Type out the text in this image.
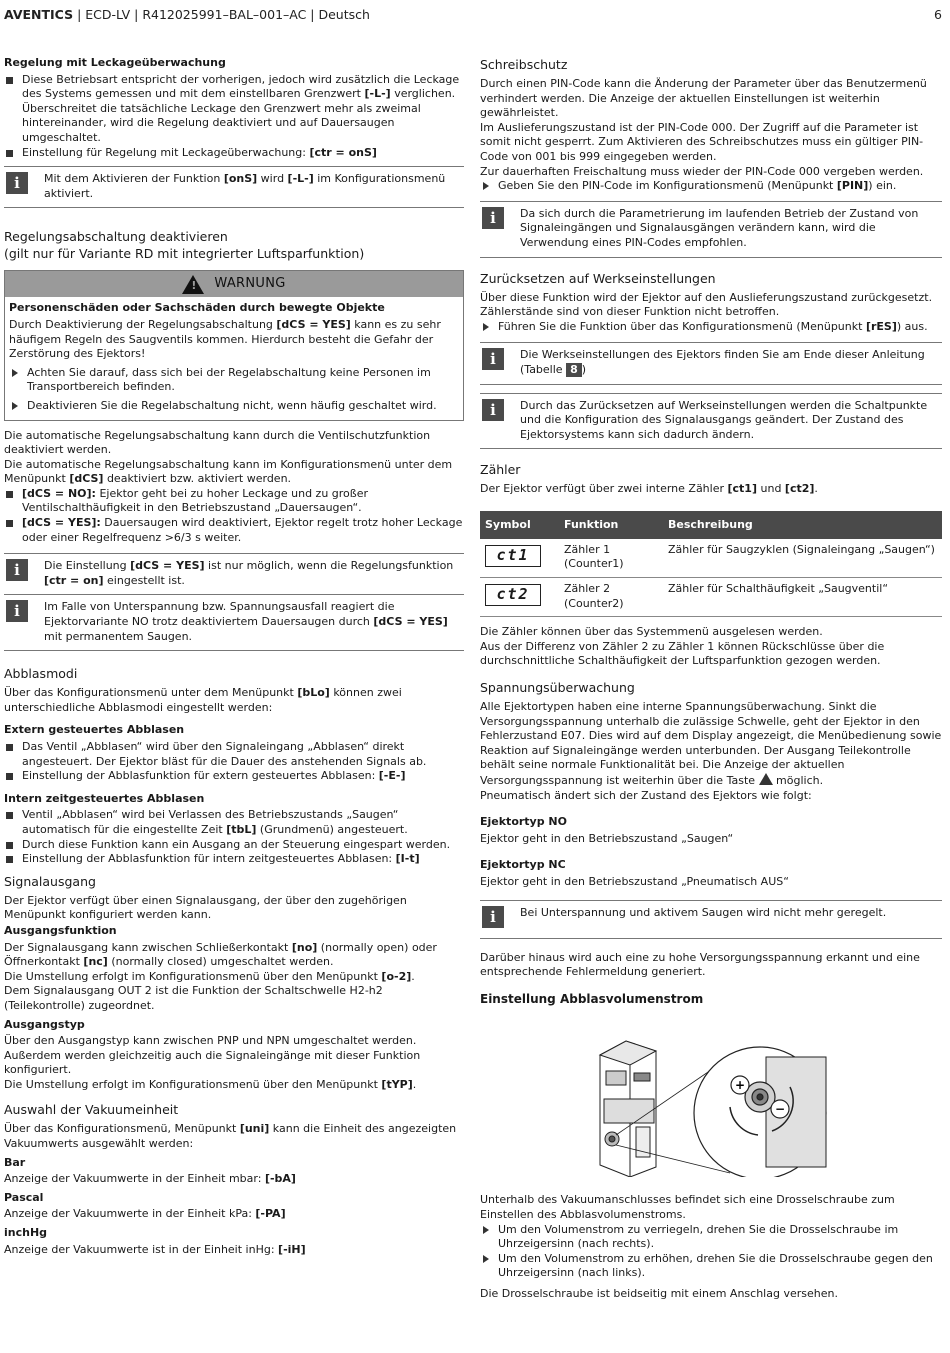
AVENTICS | ECD-LV | R412025991–BAL–001–AC | Deutsch	6
Regelung mit Leckageüberwachung
Diese Betriebsart entspricht der vorherigen, jedoch wird zusätzlich die Leckage des Systems gemessen und mit dem einstellbaren Grenzwert [-L-] verglichen. Überschreitet die tatsächliche Leckage den Grenzwert mehr als zweimal hintereinander, wird die Regelung deaktiviert und auf Dauersaugen umgeschaltet.
Einstellung für Regelung mit Leckageüberwachung: [ctr = onS]
i	Mit dem Aktivieren der Funktion [onS] wird [-L-] im Konfigurationsmenü aktiviert.
Regelungsabschaltung deaktivieren
(gilt nur für Variante RD mit integrierter Luftsparfunktion)
! WARNUNG
Personenschäden oder Sachschäden durch bewegte Objekte

Durch Deaktivierung der Regelungsabschaltung [dCS = YES] kann es zu sehr häufigem Regeln des Saugventils kommen. Hierdurch besteht die Gefahr der Zerstörung des Ejektors!

Achten Sie darauf, dass sich bei der Regelabschaltung keine Personen im Transportbereich befinden.
Deaktivieren Sie die Regelabschaltung nicht, wenn häufig geschaltet wird.

Die automatische Regelungsabschaltung kann durch die Ventilschutzfunktion deaktiviert werden.

Die automatische Regelungsabschaltung kann im Konfigurationsmenü unter dem Menüpunkt [dCS] deaktiviert bzw. aktiviert werden.

[dCS = NO]: Ejektor geht bei zu hoher Leckage und zu großer Ventilschalthäufigkeit in den Betriebszustand „Dauersaugen“.
[dCS = YES]: Dauersaugen wird deaktiviert, Ejektor regelt trotz hoher Leckage oder einer Regelfrequenz >6/3 s weiter.
i	Die Einstellung [dCS = YES] ist nur möglich, wenn die Regelungsfunktion [ctr = on] eingestellt ist.
i	Im Falle von Unterspannung bzw. Spannungsausfall reagiert die Ejektorvariante NO trotz deaktiviertem Dauersaugen durch [dCS = YES] mit permanentem Saugen.
Abblasmodi

Über das Konfigurationsmenü unter dem Menüpunkt [bLo] können zwei unterschiedliche Abblasmodi eingestellt werden:

Extern gesteuertes Abblasen
Das Ventil „Abblasen“ wird über den Signaleingang „Abblasen“ direkt angesteuert. Der Ejektor bläst für die Dauer des anstehenden Signals ab.
Einstellung der Abblasfunktion für extern gesteuertes Abblasen: [-E-]
Intern zeitgesteuertes Abblasen
Ventil „Abblasen“ wird bei Verlassen des Betriebszustands „Saugen“ automatisch für die eingestellte Zeit [tbL] (Grundmenü) angesteuert.
Durch diese Funktion kann ein Ausgang an der Steuerung eingespart werden.
Einstellung der Abblasfunktion für intern zeitgesteuertes Abblasen: [I-t]
Signalausgang

Der Ejektor verfügt über einen Signalausgang, der über den zugehörigen Menüpunkt konfiguriert werden kann.

Ausgangsfunktion

Der Signalausgang kann zwischen Schließerkontakt [no] (normally open) oder Öffnerkontakt [nc] (normally closed) umgeschaltet werden.

Die Umstellung erfolgt im Konfigurationsmenü über den Menüpunkt [o-2].

Dem Signalausgang OUT 2 ist die Funktion der Schaltschwelle H2-h2 (Teilekontrolle) zugeordnet.

Ausgangstyp

Über den Ausgangstyp kann zwischen PNP und NPN umgeschaltet werden.

Außerdem werden gleichzeitig auch die Signaleingänge mit dieser Funktion konfiguriert.

Die Umstellung erfolgt im Konfigurationsmenü über den Menüpunkt [tYP].

Auswahl der Vakuumeinheit

Über das Konfigurationsmenü, Menüpunkt [uni] kann die Einheit des angezeigten Vakuumwerts ausgewählt werden:

Bar

Anzeige der Vakuumwerte in der Einheit mbar: [-bA]

Pascal

Anzeige der Vakuumwerte in der Einheit kPa: [-PA]

inchHg

Anzeige der Vakuumwerte ist in der Einheit inHg: [-iH]

Schreibschutz

Durch einen PIN-Code kann die Änderung der Parameter über das Benutzermenü verhindert werden. Die Anzeige der aktuellen Einstellungen ist weiterhin gewährleistet.

Im Auslieferungszustand ist der PIN-Code 000. Der Zugriff auf die Parameter ist somit nicht gesperrt. Zum Aktivieren des Schreibschutzes muss ein gültiger PIN-Code von 001 bis 999 eingegeben werden.

Zur dauerhaften Freischaltung muss wieder der PIN-Code 000 vergeben werden.

Geben Sie den PIN-Code im Konfigurationsmenü (Menüpunkt [PIN]) ein.
i	Da sich durch die Parametrierung im laufenden Betrieb der Zustand von Signaleingängen und Signalausgängen verändern kann, wird die Verwendung eines PIN-Codes empfohlen.
Zurücksetzen auf Werkseinstellungen

Über diese Funktion wird der Ejektor auf den Auslieferungszustand zurückgesetzt. Zählerstände sind von dieser Funktion nicht betroffen.

Führen Sie die Funktion über das Konfigurationsmenü (Menüpunkt [rES]) aus.
i	Die Werkseinstellungen des Ejektors finden Sie am Ende dieser Anleitung (Tabelle 8 )
i	Durch das Zurücksetzen auf Werkseinstellungen werden die Schaltpunkte und die Konfiguration des Signalausgangs geändert. Der Zustand des Ejektorsystems kann sich dadurch ändern.
Zähler

Der Ejektor verfügt über zwei interne Zähler [ct1] und [ct2].

Symbol	Funktion	Beschreibung
ct1	Zähler 1 (Counter1)	Zähler für Saugzyklen (Signaleingang „Saugen“)
ct2	Zähler 2 (Counter2)	Zähler für Schalthäufigkeit „Saugventil“

Die Zähler können über das Systemmenü ausgelesen werden.

Aus der Differenz von Zähler 2 zu Zähler 1 können Rückschlüsse über die durchschnittliche Schalthäufigkeit der Luftsparfunktion gezogen werden.

Spannungsüberwachung

Alle Ejektortypen haben eine interne Spannungsüberwachung. Sinkt die Versorgungsspannung unterhalb die zulässige Schwelle, geht der Ejektor in den Fehlerzustand E07. Dies wird auf dem Display angezeigt, die Menübedienung sowie Reaktion auf Signaleingänge werden unterbunden. Der Ausgang Teilekontrolle behält seine normale Funktionalität bei. Die Anzeige der aktuellen Versorgungsspannung ist weiterhin über die Taste  möglich.

Pneumatisch ändert sich der Zustand des Ejektors wie folgt:

Ejektortyp NO

Ejektor geht in den Betriebszustand „Saugen“

Ejektortyp NC

Ejektor geht in den Betriebszustand „Pneumatisch AUS“

i	Bei Unterspannung und aktivem Saugen wird nicht mehr geregelt.

Darüber hinaus wird auch eine zu hohe Versorgungsspannung erkannt und eine entsprechende Fehlermeldung generiert.

Einstellung Abblasvolumenstrom
+
−

Unterhalb des Vakuumanschlusses befindet sich eine Drosselschraube zum Einstellen des Abblasvolumenstroms.

Um den Volumenstrom zu verriegeln, drehen Sie die Drosselschraube im Uhrzeigersinn (nach rechts).
Um den Volumenstrom zu erhöhen, drehen Sie die Drosselschraube gegen den Uhrzeigersinn (nach links).

Die Drosselschraube ist beidseitig mit einem Anschlag versehen.
